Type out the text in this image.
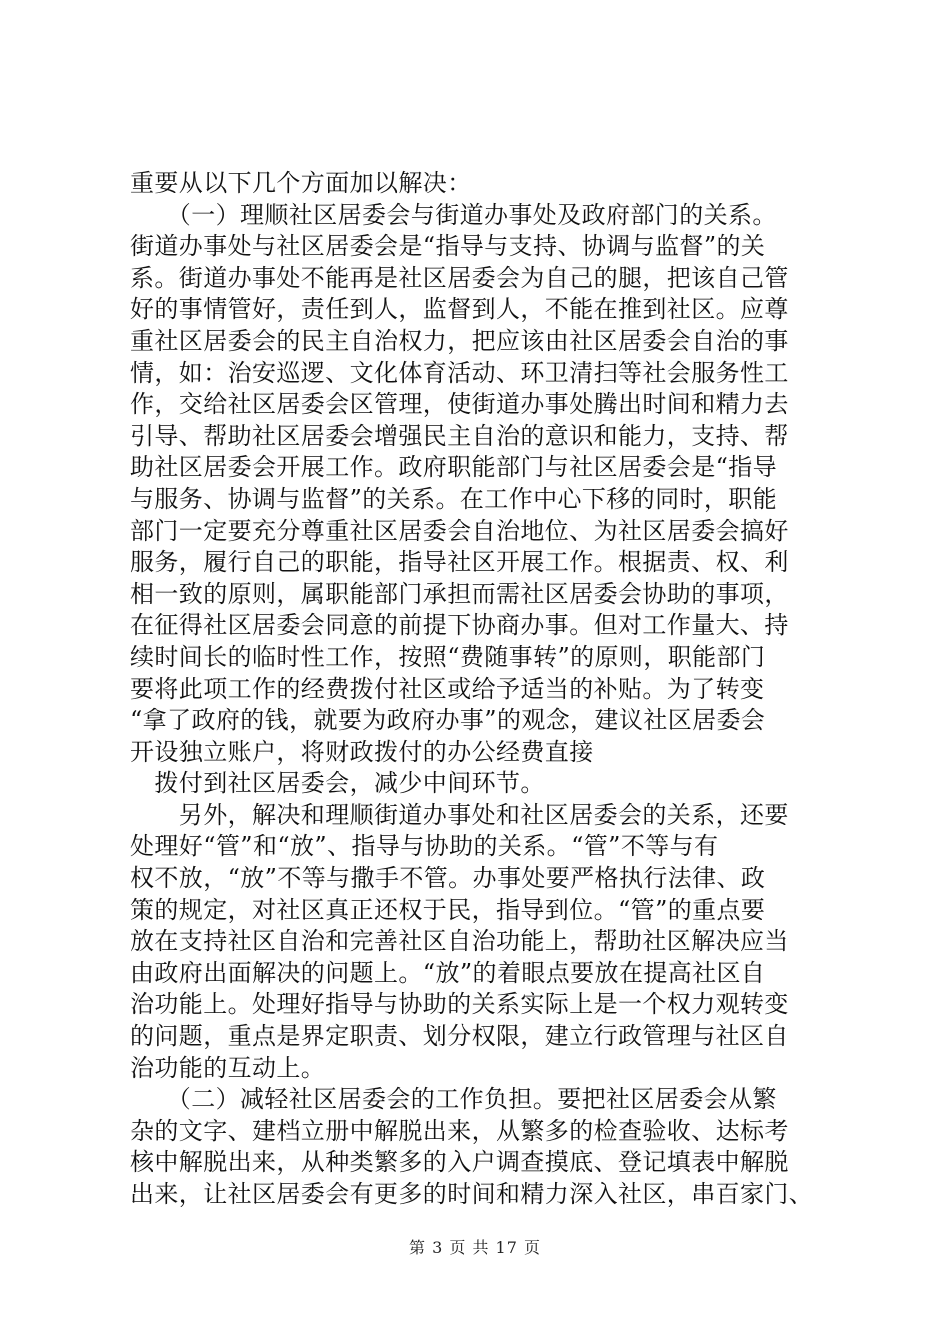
重要从以下几个方面加以解决：
　　（一）理顺社区居委会与街道办事处及政府部门的关系。
街道办事处与社区居委会是“指导与支持、协调与监督”的关
系。街道办事处不能再是社区居委会为自己的腿，把该自己管
好的事情管好，责任到人，监督到人，不能在推到社区。应尊
重社区居委会的民主自治权力，把应该由社区居委会自治的事
情，如：治安巡逻、文化体育活动、环卫清扫等社会服务性工
作，交给社区居委会区管理，使街道办事处腾出时间和精力去
引导、帮助社区居委会增强民主自治的意识和能力，支持、帮
助社区居委会开展工作。政府职能部门与社区居委会是“指导
与服务、协调与监督”的关系。在工作中心下移的同时，职能
部门一定要充分尊重社区居委会自治地位、为社区居委会搞好
服务，履行自己的职能，指导社区开展工作。根据责、权、利
相一致的原则，属职能部门承担而需社区居委会协助的事项，
在征得社区居委会同意的前提下协商办事。但对工作量大、持
续时间长的临时性工作，按照“费随事转”的原则，职能部门
要将此项工作的经费拨付社区或给予适当的补贴。为了转变
“拿了政府的钱，就要为政府办事”的观念，建议社区居委会
开设独立账户，将财政拨付的办公经费直接
　拨付到社区居委会，减少中间环节。
　　另外，解决和理顺街道办事处和社区居委会的关系，还要
处理好“管”和“放”、指导与协助的关系。“管”不等与有
权不放，“放”不等与撒手不管。办事处要严格执行法律、政
策的规定，对社区真正还权于民，指导到位。“管”的重点要
放在支持社区自治和完善社区自治功能上，帮助社区解决应当
由政府出面解决的问题上。“放”的着眼点要放在提高社区自
治功能上。处理好指导与协助的关系实际上是一个权力观转变
的问题，重点是界定职责、划分权限，建立行政管理与社区自
治功能的互动上。
　　（二）减轻社区居委会的工作负担。要把社区居委会从繁
杂的文字、建档立册中解脱出来，从繁多的检查验收、达标考
核中解脱出来，从种类繁多的入户调查摸底、登记填表中解脱
出来，让社区居委会有更多的时间和精力深入社区，串百家门、
第 3 页 共 17 页
